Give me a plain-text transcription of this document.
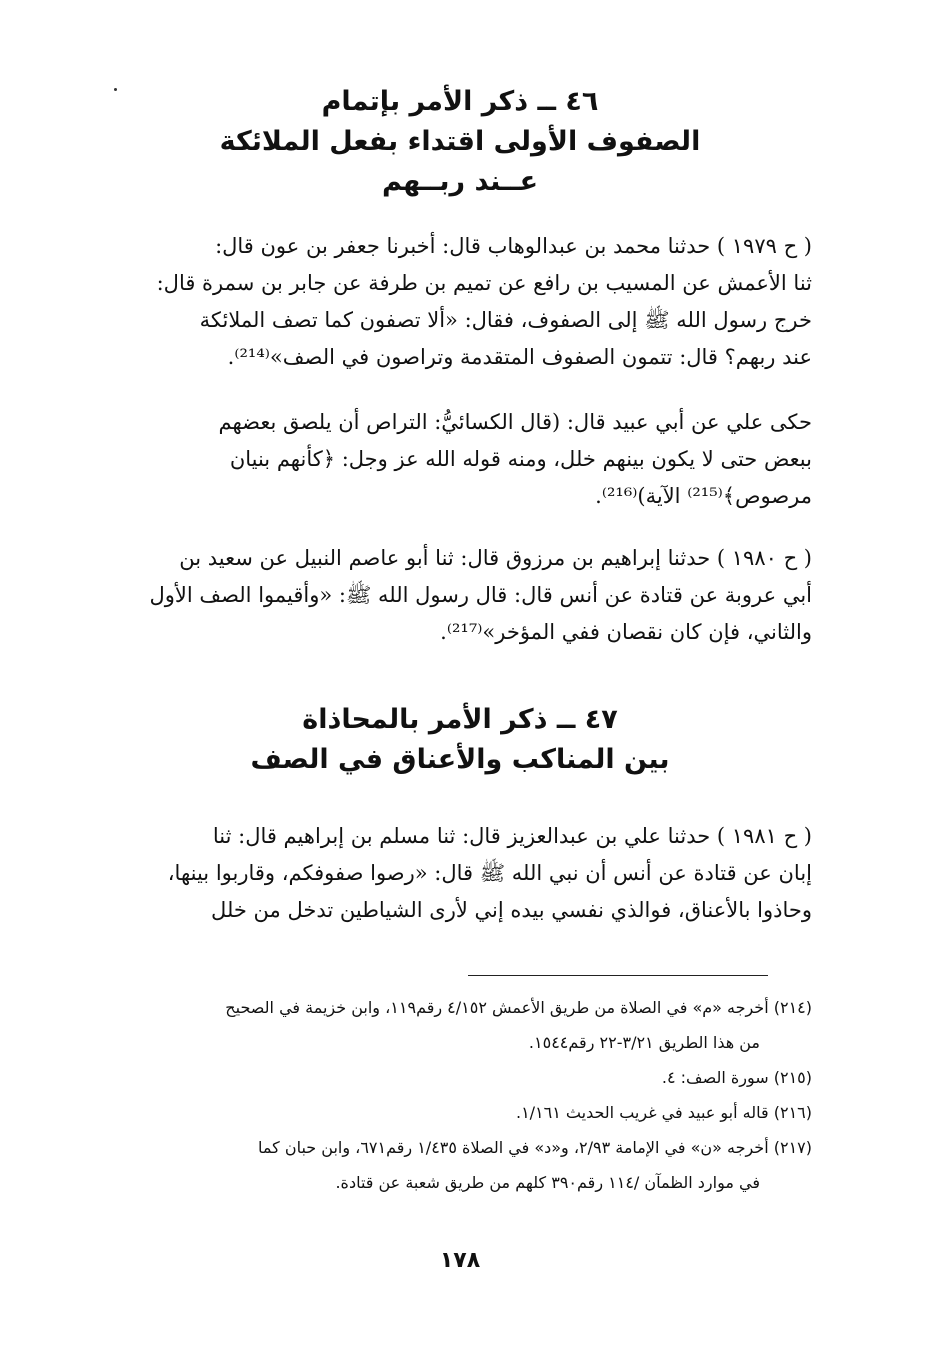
٤٦ ــ ذكر الأمر بإتمام
الصفوف الأولى اقتداء بفعل الملائكة
عــند ربــهم
( ح ١٩٧٩ ) حدثنا محمد بن عبدالوهاب قال: أخبرنا جعفر بن عون قال:
ثنا الأعمش عن المسيب بن رافع عن تميم بن طرفة عن جابر بن سمرة قال:
خرج رسول الله ﷺ إلى الصفوف، فقال: «ألا تصفون كما تصف الملائكة
عند ربهم؟ قال: تتمون الصفوف المتقدمة وتراصون في الصف»⁽²¹⁴⁾.
حكى علي عن أبي عبيد قال: (قال الكسائيُّ: التراص أن يلصق بعضهم
ببعض حتى لا يكون بينهم خلل، ومنه قوله الله عز وجل: ﴿كأنهم بنيان
مرصوص﴾⁽²¹⁵⁾ الآية)⁽²¹⁶⁾.
( ح ١٩٨٠ ) حدثنا إبراهيم بن مرزوق قال: ثنا أبو عاصم النبيل عن سعيد بن
أبي عروبة عن قتادة عن أنس قال: قال رسول الله ﷺ: «وأقيموا الصف الأول
والثاني، فإن كان نقصان ففي المؤخر»⁽²¹⁷⁾.
٤٧ ــ ذكر الأمر بالمحاذاة
بين المناكب والأعناق في الصف
( ح ١٩٨١ ) حدثنا علي بن عبدالعزيز قال: ثنا مسلم بن إبراهيم قال: ثنا
إبان عن قتادة عن أنس أن نبي الله ﷺ قال: «رصوا صفوفكم، وقاربوا بينها،
وحاذوا بالأعناق، فوالذي نفسي بيده إني لأرى الشياطين تدخل من خلل
(٢١٤) أخرجه «م» في الصلاة من طريق الأعمش ٤/١٥٢ رقم١١٩، وابن خزيمة في الصحيح
من هذا الطريق ٣/٢١-٢٢ رقم١٥٤٤.
(٢١٥) سورة الصف: ٤.
(٢١٦) قاله أبو عبيد في غريب الحديث ١/١٦١.
(٢١٧) أخرجه «ن» في الإمامة ٢/٩٣، و«د» في الصلاة ١/٤٣٥ رقم٦٧١، وابن حبان كما
في موارد الظمآن /١١٤ رقم٣٩٠ كلهم من طريق شعبة عن قتادة.
١٧٨
